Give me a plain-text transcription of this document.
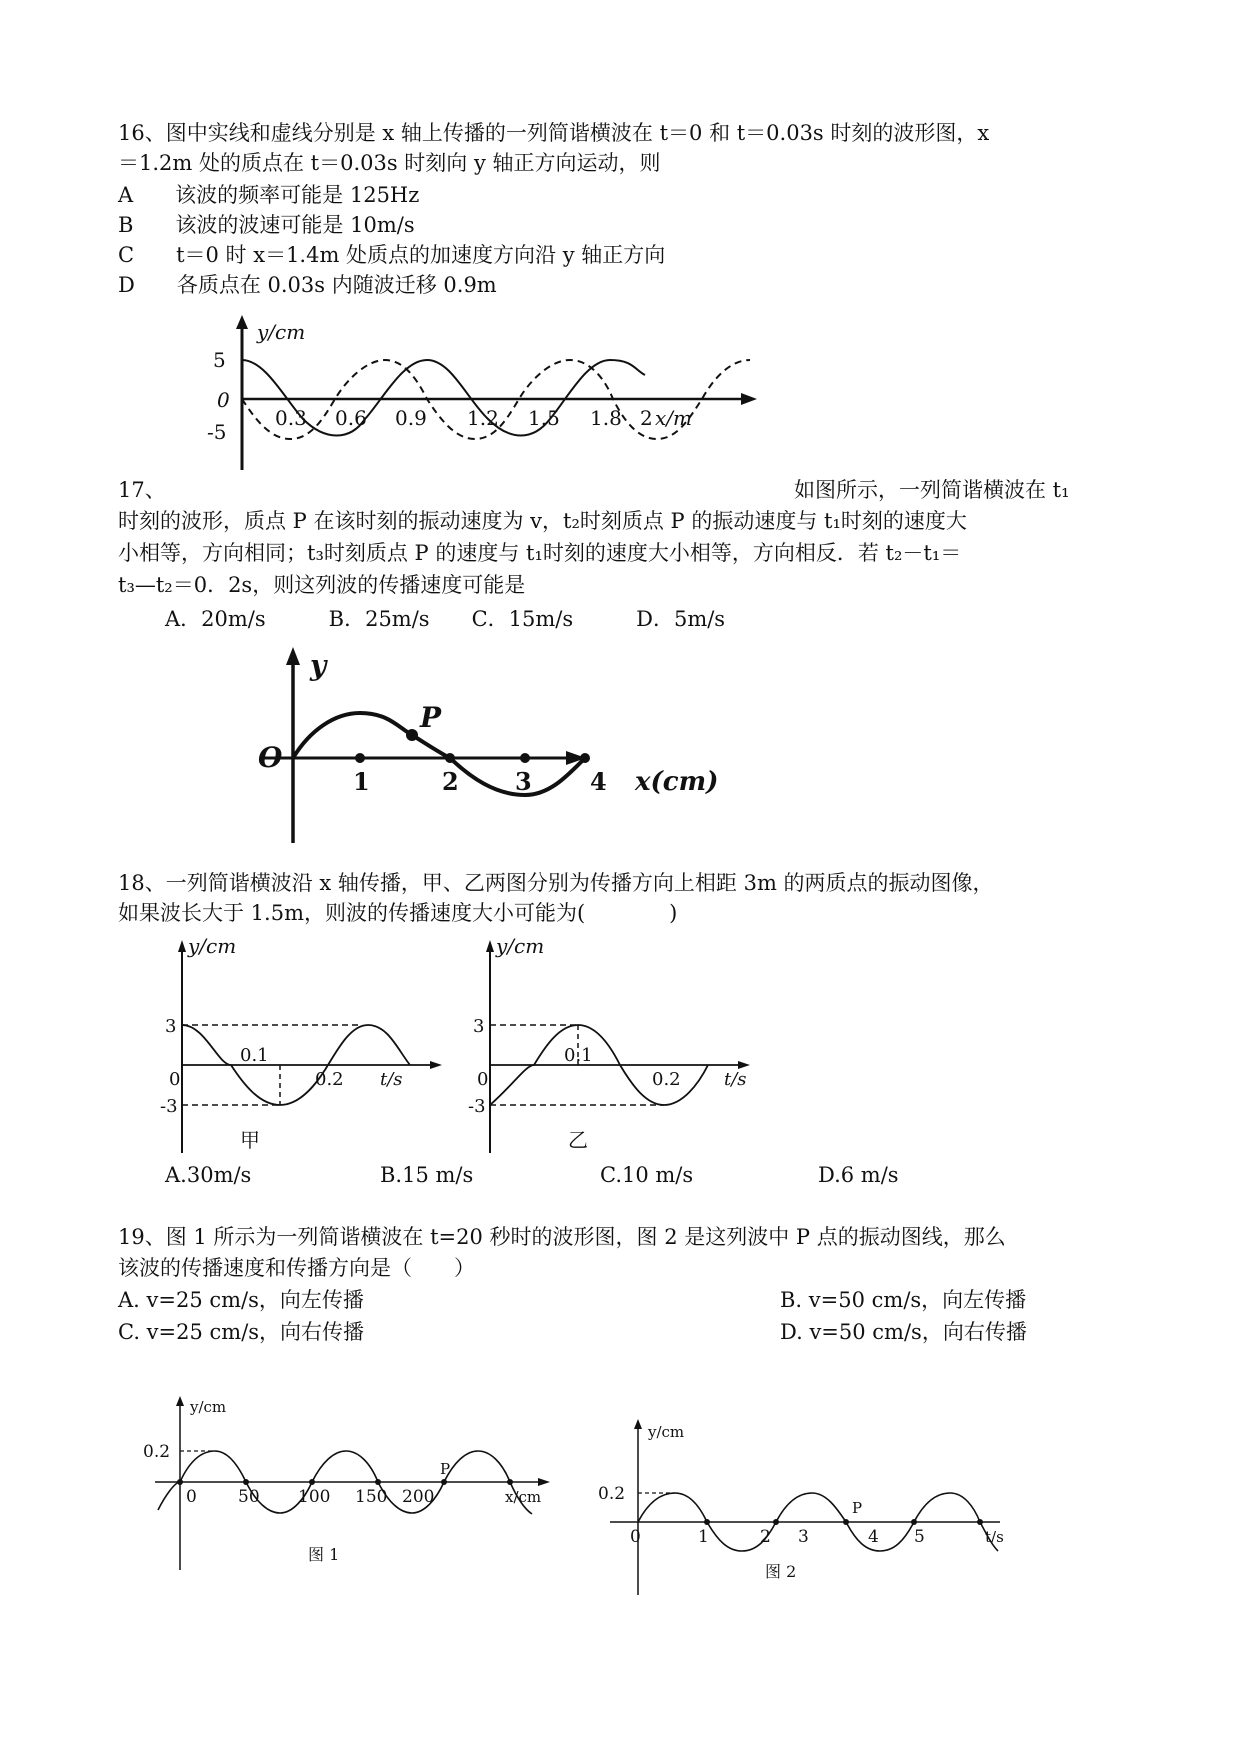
16、图中实线和虚线分别是 x 轴上传播的一列简谐横波在 t＝0 和 t＝0.03s 时刻的波形图，x
＝1.2m 处的质点在 t＝0.03s 时刻向 y 轴正方向运动，则
A　　 该波的频率可能是 125Hz
B　　 该波的波速可能是 10m/s
C　　 t＝0 时 x＝1.4m 处质点的加速度方向沿 y 轴正方向
D　　 各质点在 0.03s 内随波迁移 0.9m
y/cm
5
0
-5
0.3 0.6 0.9 1.2 1.5 1.8 2 x/m
17、	如图所示，一列简谐横波在 t₁
时刻的波形，质点 P 在该时刻的振动速度为 v，t₂时刻质点 P 的振动速度与 t₁时刻的速度大
小相等，方向相同；t₃时刻质点 P 的速度与 t₁时刻的速度大小相等，方向相反．若 t₂－t₁＝
t₃—t₂＝0．2s，则这列波的传播速度可能是
A．20m/s　　　B．25m/s　　C．15m/s　　　D．5m/s
y
O
P
1	2 3 4 x(cm)
18、一列简谐横波沿 x 轴传播，甲、乙两图分别为传播方向上相距 3m 的两质点的振动图像，
如果波长大于 1.5m，则波的传播速度大小可能为(　　　　)
y/cm
3
-3
0
0.1
0.2 t/s
甲
y/cm
3
-3
0
0.1
0.2 t/s
乙
A.30m/s	B.15 m/s	C.10 m/s	D.6 m/s
19、图 1 所示为一列简谐横波在 t=20 秒时的波形图，图 2 是这列波中 P 点的振动图线，那么
该波的传播速度和传播方向是（　　）
A. v=25 cm/s，向左传播	B. v=50 cm/s，向左传播
C. v=25 cm/s，向右传播	D. v=50 cm/s，向右传播
y/cm
0.2
0
P
50 100 150 200	x/cm
图 1
y/cm
0.2
0
P
1	2 3	4 5	t/s
图 2
